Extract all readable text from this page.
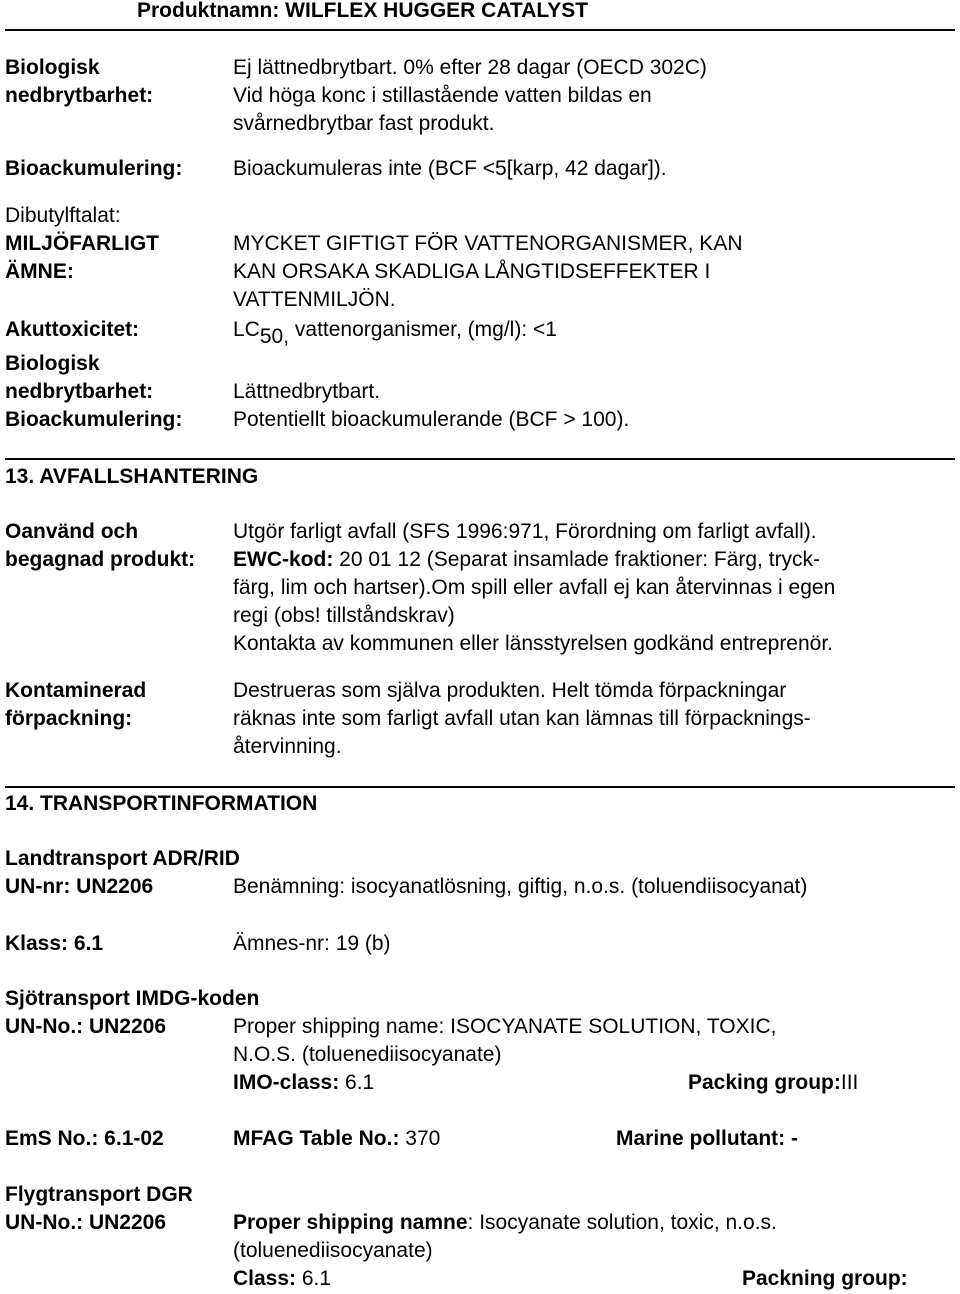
Produktnamn: WILFLEX HUGGER CATALYST
Biologisk
nedbrytbarhet:
Ej lättnedbrytbart. 0% efter 28 dagar (OECD 302C)
Vid höga konc i stillastående vatten bildas en
svårnedbrytbar fast produkt.
Bioackumulering: Bioackumuleras inte (BCF <5[karp, 42 dagar]).
Dibutylftalat:
MILJÖFARLIGT
ÄMNE:
MYCKET GIFTIGT FÖR VATTENORGANISMER, KAN
KAN ORSAKA SKADLIGA LÅNGTIDSEFFEKTER I
VATTENMILJÖN.
Akuttoxicitet:	LC50, vattenorganismer, (mg/l): <1
Biologisk
nedbrytbarhet:	Lättnedbrytbart.
Bioackumulering: Potentiellt bioackumulerande (BCF > 100).
13. AVFALLSHANTERING
Oanvänd och
begagnad produkt:
Utgör farligt avfall (SFS 1996:971, Förordning om farligt avfall).
EWC-kod: 20 01 12 (Separat insamlade fraktioner: Färg, tryck-
färg, lim och hartser).Om spill eller avfall ej kan återvinnas i egen
regi (obs! tillståndskrav)
Kontakta av kommunen eller länsstyrelsen godkänd entreprenör.
Kontaminerad
förpackning:
Destrueras som själva produkten. Helt tömda förpackningar
räknas inte som farligt avfall utan kan lämnas till förpacknings-
återvinning.
14. TRANSPORTINFORMATION
Landtransport ADR/RID
UN-nr: UN2206	Benämning: isocyanatlösning, giftig, n.o.s. (toluendiisocyanat)
Klass: 6.1	Ämnes-nr: 19 (b)
Sjötransport IMDG-koden
UN-No.: UN2206	Proper shipping name: ISOCYANATE SOLUTION, TOXIC,
N.O.S. (toluenediisocyanate)
IMO-class: 6.1	Packing group:III
EmS No.: 6.1-02	MFAG Table No.: 370	Marine pollutant: -
Flygtransport DGR
UN-No.: UN2206	Proper shipping namne: Isocyanate solution, toxic, n.o.s.
(toluenediisocyanate)
Class: 6.1	Packning group:
